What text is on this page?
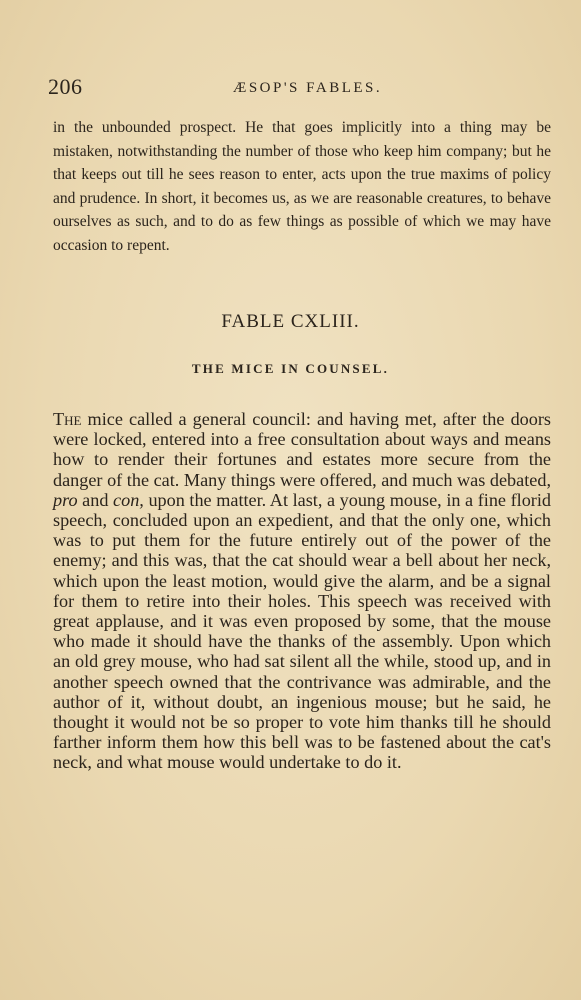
206	ÆSOP'S FABLES.

in the unbounded prospect. He that goes implicitly into a thing may be mistaken, notwithstanding the number of those who keep him company; but he that keeps out till he sees reason to enter, acts upon the true maxims of policy and prudence. In short, it becomes us, as we are reasonable creatures, to behave ourselves as such, and to do as few things as possible of which we may have occasion to repent.

FABLE CXLIII.
THE MICE IN COUNSEL.

The mice called a general council: and having met, after the doors were locked, entered into a free consultation about ways and means how to render their fortunes and estates more secure from the danger of the cat. Many things were offered, and much was debated, pro and con, upon the matter. At last, a young mouse, in a fine florid speech, concluded upon an expedient, and that the only one, which was to put them for the future entirely out of the power of the enemy; and this was, that the cat should wear a bell about her neck, which upon the least motion, would give the alarm, and be a signal for them to retire into their holes. This speech was received with great applause, and it was even proposed by some, that the mouse who made it should have the thanks of the assembly. Upon which an old grey mouse, who had sat silent all the while, stood up, and in another speech owned that the contrivance was admirable, and the author of it, without doubt, an ingenious mouse; but he said, he thought it would not be so proper to vote him thanks till he should farther inform them how this bell was to be fastened about the cat's neck, and what mouse would undertake to do it.
